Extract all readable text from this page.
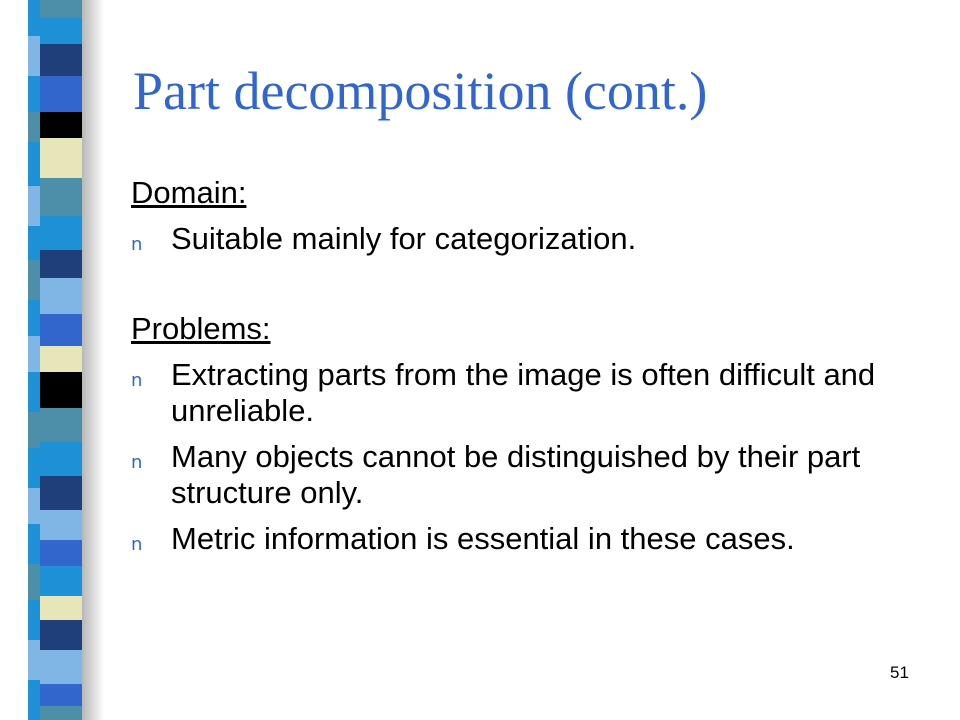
Part decomposition (cont.)
Domain:
n Suitable mainly for categorization.
Problems:
n Extracting parts from the image is often difficult and unreliable.
n Many objects cannot be distinguished by their part structure only.
n Metric information is essential in these cases.
51
